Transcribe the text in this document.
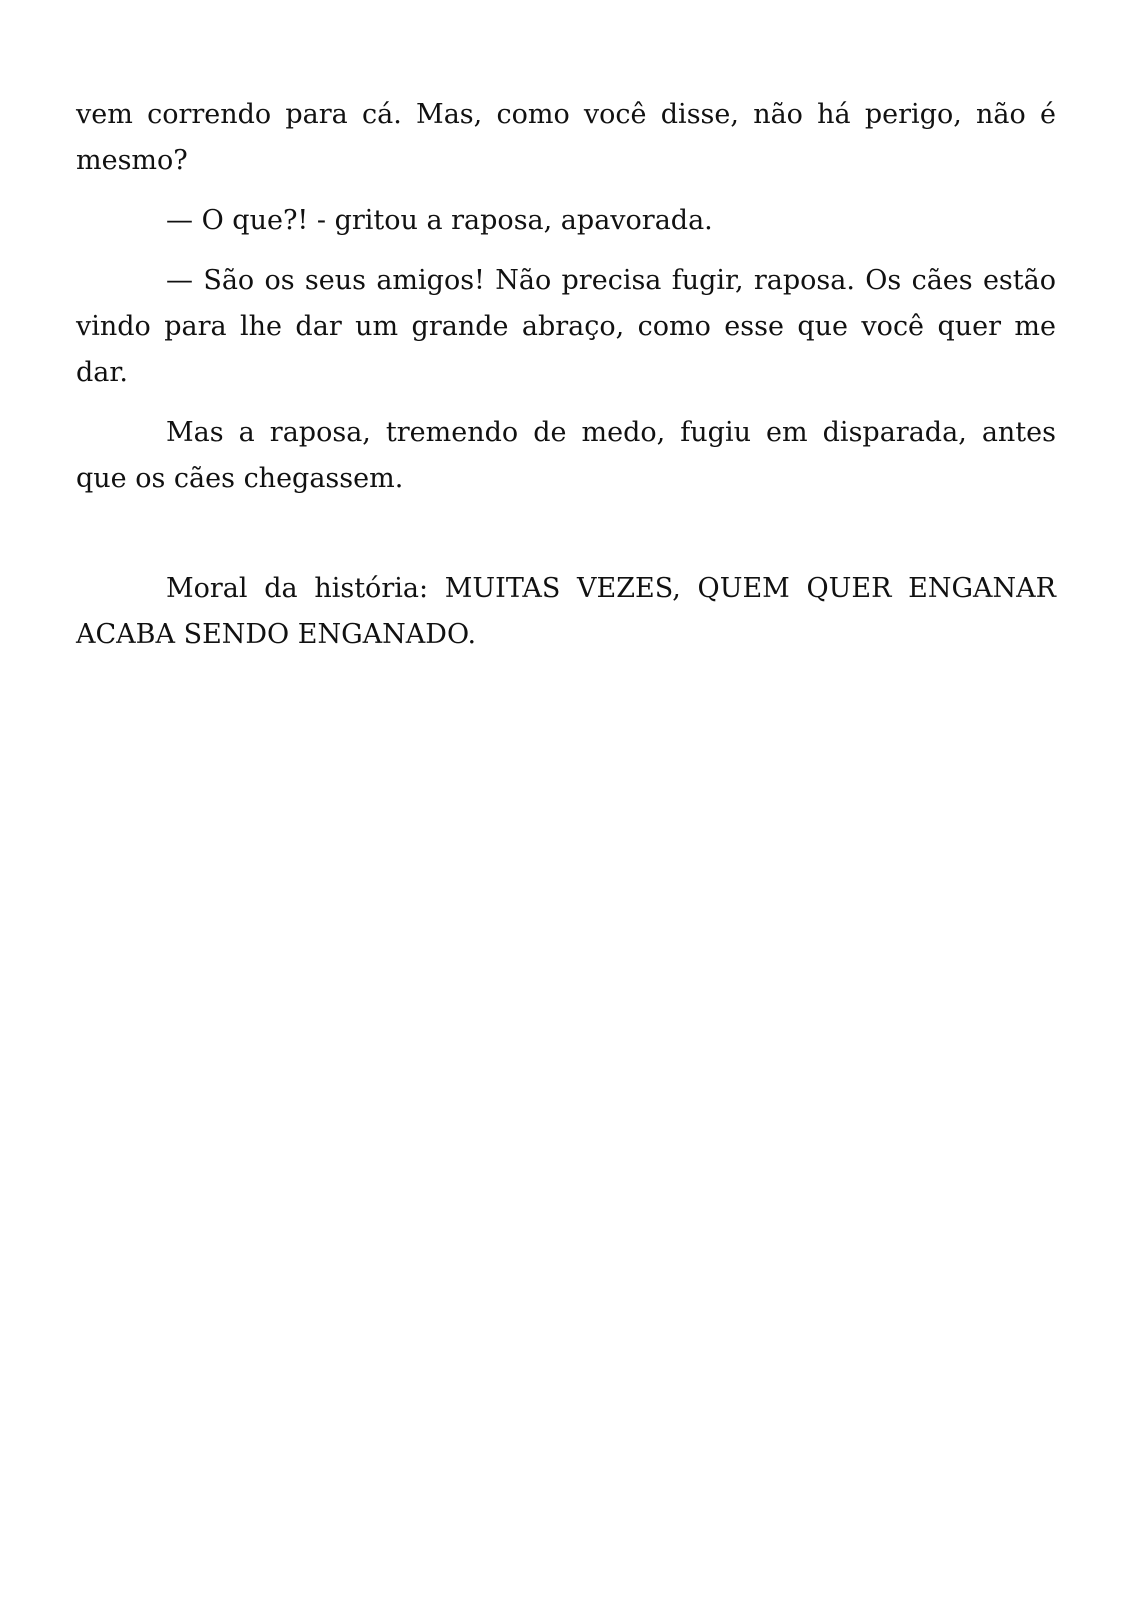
vem correndo para cá. Mas, como você disse, não há perigo, não é mesmo?

— O que?! - gritou a raposa, apavorada.

— São os seus amigos! Não precisa fugir, raposa. Os cães estão vindo para lhe dar um grande abraço, como esse que você quer me dar.

Mas a raposa, tremendo de medo, fugiu em disparada, antes que os cães chegassem.

Moral da história: MUITAS VEZES, QUEM QUER ENGANAR ACABA SENDO ENGANADO.
